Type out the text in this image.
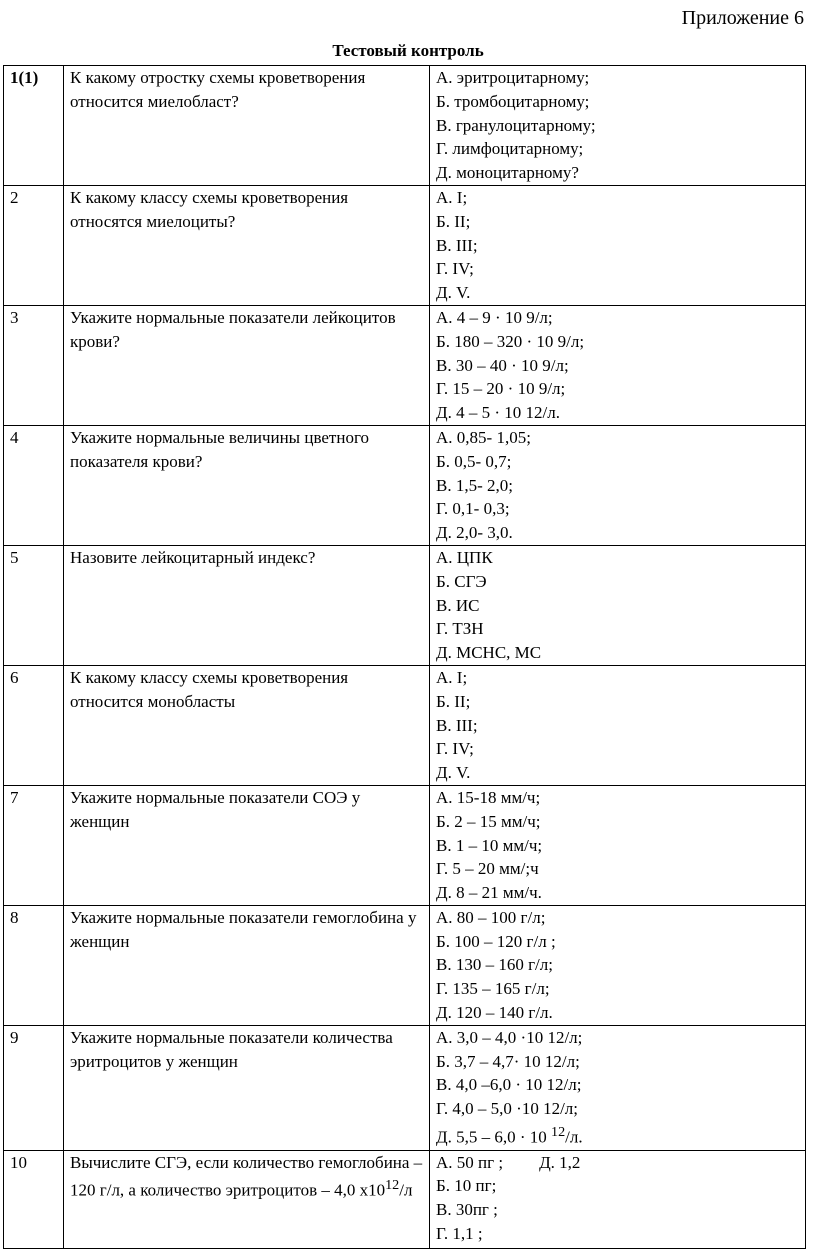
Приложение 6
Тестовый контроль
1(1)	К какому отростку схемы кроветворения относится миелобласт?	А. эритроцитарному;
Б. тромбоцитарному;
В. гранулоцитарному;
Г. лимфоцитарному;
Д. моноцитарному?

2	К какому классу схемы кроветворения относятся миелоциты?	А. I;
Б. II;
В. III;
Г. IV;
Д. V.

3	Укажите нормальные показатели лейкоцитов крови?	А. 4 – 9 · 10 9/л;
Б. 180 – 320 · 10 9/л;
В. 30 – 40 · 10 9/л;
Г. 15 – 20 · 10 9/л;
Д. 4 – 5 · 10 12/л.

4	Укажите нормальные величины цветного показателя крови?	А. 0,85- 1,05;
Б. 0,5- 0,7;
В. 1,5- 2,0;
Г. 0,1- 0,3;
Д. 2,0- 3,0.

5	Назовите лейкоцитарный индекс?	А. ЦПК
Б. СГЭ
В. ИС
Г. ТЗН
Д. МСНС, МС

6	К какому классу схемы кроветворения относится монобласты	А. I;
Б. II;
В. III;
Г. IV;
Д. V.

7	Укажите нормальные показатели СОЭ у женщин	А. 15-18 мм/ч;
Б. 2 – 15 мм/ч;
В. 1 – 10 мм/ч;
Г. 5 – 20 мм/;ч
Д. 8 – 21 мм/ч.

8	Укажите нормальные показатели гемоглобина у женщин	А. 80 – 100 г/л;
Б. 100 – 120 г/л ;
В. 130 – 160 г/л;
Г. 135 – 165 г/л;
Д. 120 – 140 г/л.

9	Укажите нормальные показатели количества эритроцитов у женщин	А. 3,0 – 4,0 ·10 12/л;
Б. 3,7 – 4,7· 10 12/л;
В. 4,0 –6,0 · 10 12/л;
Г. 4,0 – 5,0 ·10 12/л;
Д. 5,5 – 6,0 · 10 $^{12}$/л.

10	Вычислите СГЭ, если количество гемоглобина – 120 г/л, а количество эритроцитов – 4,0 $х10^{12}/л$	А. 50 пг ; Д. 1,2
Б. 10 пг;
В. 30пг ;
Г. 1,1 ;
